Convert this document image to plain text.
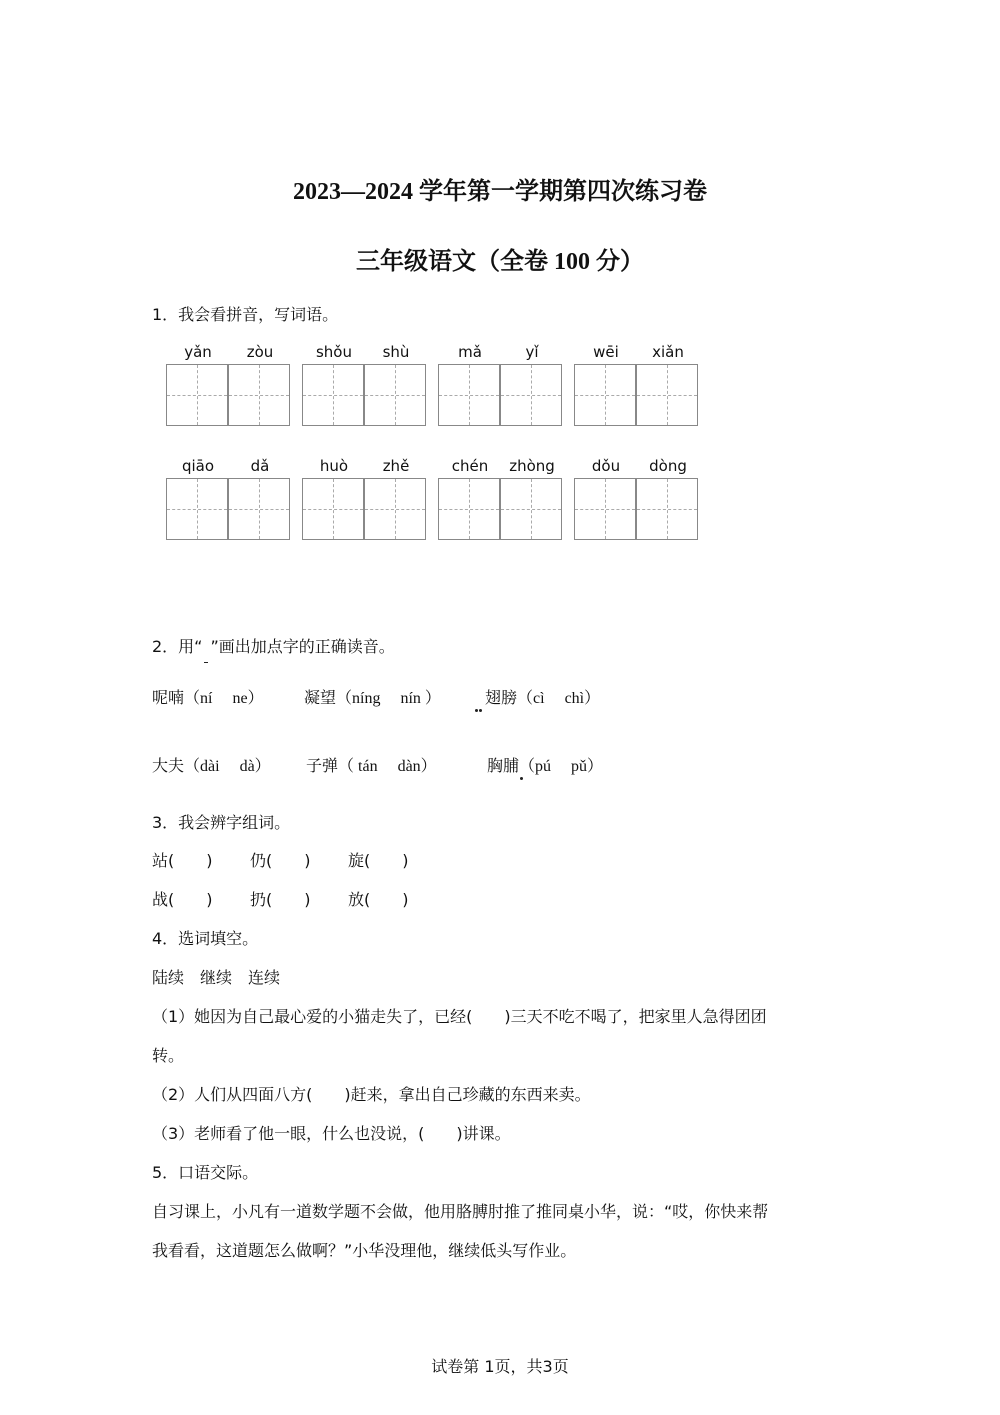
2023—2024 学年第一学期第四次练习卷
三年级语文（全卷 100 分）
1．我会看拼音，写词语。
yǎn	zòu	shǒu	shù	mǎ	yǐ	wēi	xiǎn
qiāo	dǎ	huò	zhě	chén	zhòng	dǒu	dòng
2．用“ ”画出加点字的正确读音。
呢喃（ní　 ne）	凝望（níng　 nín ）	翅膀（cì　 chì）
大夫（dài　 dà） 子弹（ tán　 dàn）	胸脯（pú　 pǔ）
3．我会辨字组词。
站(　　) 仍(　　) 旋(　　)
战(　　) 扔(　　) 放(　　)
4．选词填空。
陆续　继续　连续
（1）她因为自己最心爱的小猫走失了，已经(　　)三天不吃不喝了，把家里人急得团团
转。
（2）人们从四面八方(　　)赶来，拿出自己珍藏的东西来卖。
（3）老师看了他一眼，什么也没说，(　　)讲课。
5．口语交际。
自习课上，小凡有一道数学题不会做，他用胳膊肘推了推同桌小华，说：“哎，你快来帮
我看看，这道题怎么做啊？”小华没理他，继续低头写作业。
试卷第 1页，共3页
